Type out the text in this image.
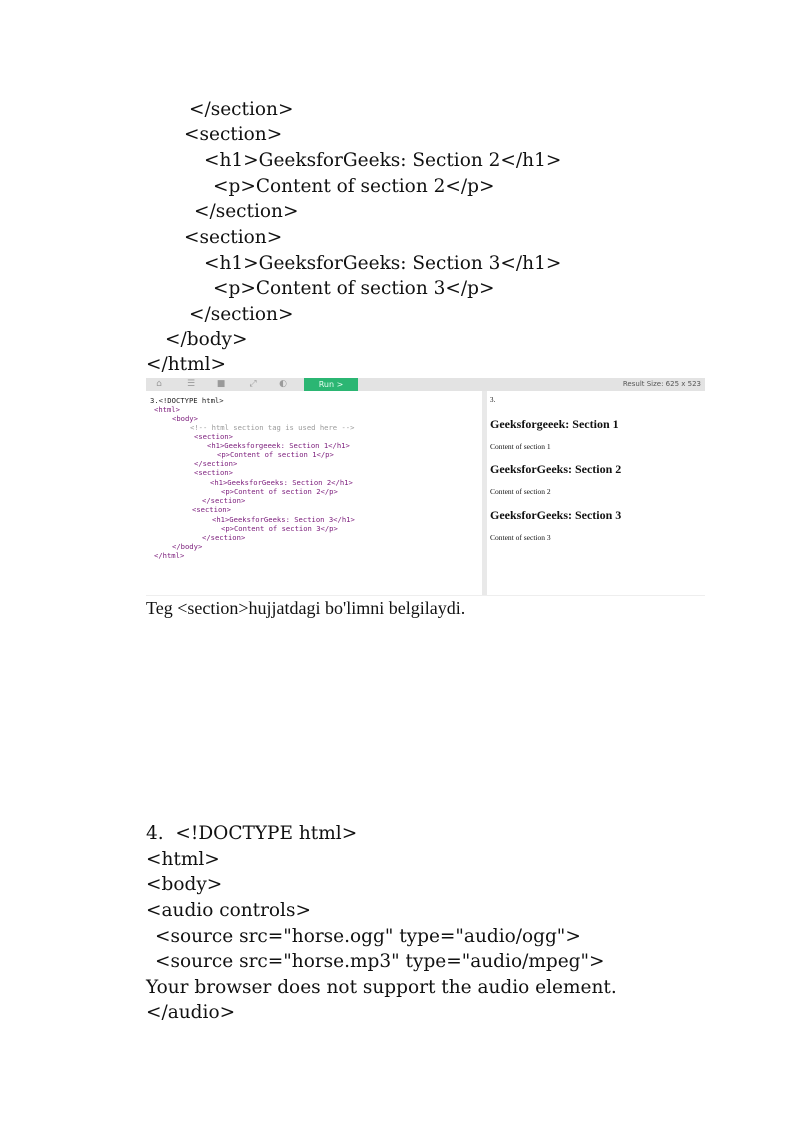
</section>
<section>
<h1>GeeksforGeeks: Section 2</h1>
<p>Content of section 2</p>
</section>
<section>
<h1>GeeksforGeeks: Section 3</h1>
<p>Content of section 3</p>
</section>
</body>
</html>
⌂	☰	■	⤢	◐	Run >	Result Size: 625 x 523
3.<!DOCTYPE html>
<html>
<body>
<!-- html section tag is used here -->
<section>
<h1>Geeksforgeeek: Section 1</h1>
<p>Content of section 1</p>
</section>
<section>
<h1>GeeksforGeeks: Section 2</h1>
<p>Content of section 2</p>
</section>
<section>
<h1>GeeksforGeeks: Section 3</h1>
<p>Content of section 3</p>
</section>
</body>
</html>
3.
Geeksforgeeek: Section 1
Content of section 1
GeeksforGeeks: Section 2
Content of section 2
GeeksforGeeks: Section 3
Content of section 3
Teg <section>hujjatdagi bo'limni belgilaydi.
4.  <!DOCTYPE html>
<html>
<body>
<audio controls>
<source src="horse.ogg" type="audio/ogg">
<source src="horse.mp3" type="audio/mpeg">
Your browser does not support the audio element.
</audio>
